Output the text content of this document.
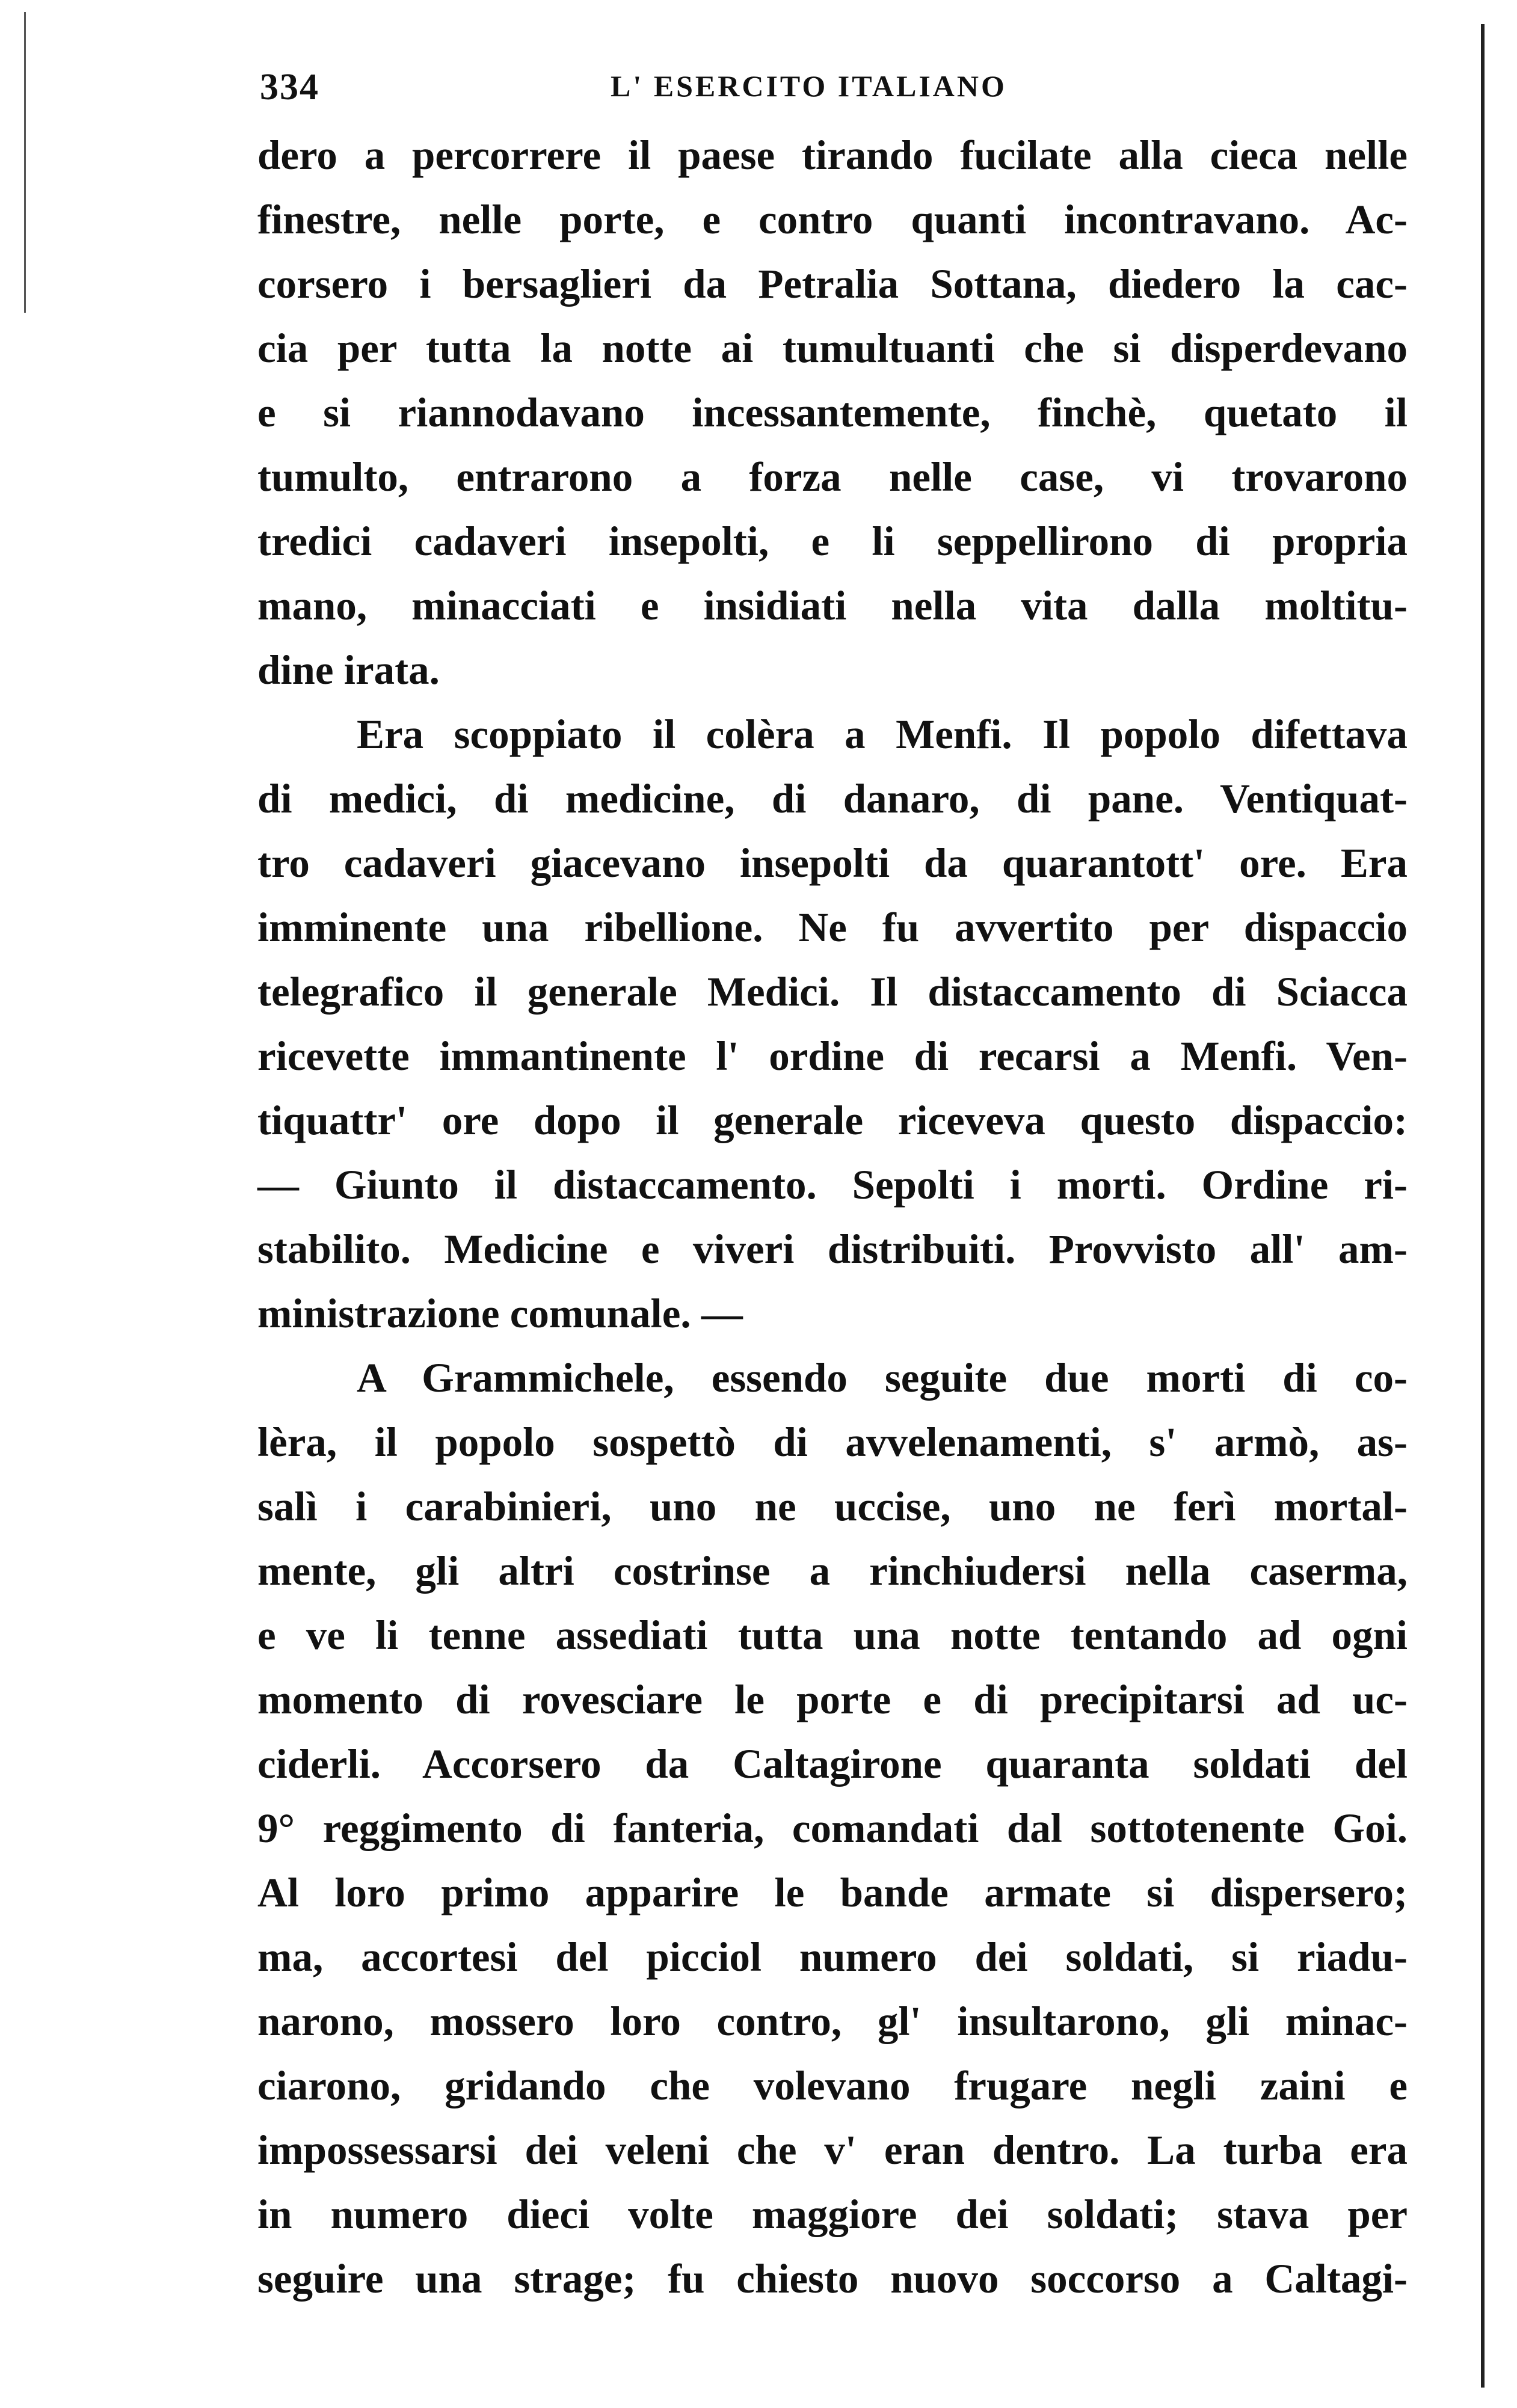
334	L' ESERCITO ITALIANO
dero a percorrere il paese tirando fucilate alla cieca nelle
finestre, nelle porte, e contro quanti incontravano. Ac-
corsero i bersaglieri da Petralia Sottana, diedero la cac-
cia per tutta la notte ai tumultuanti che si disperdevano
e si riannodavano incessantemente, finchè, quetato il
tumulto, entrarono a forza nelle case, vi trovarono
tredici cadaveri insepolti, e li seppellirono di propria
mano, minacciati e insidiati nella vita dalla moltitu-
dine irata.
Era scoppiato il colèra a Menfi. Il popolo difettava
di medici, di medicine, di danaro, di pane. Ventiquat-
tro cadaveri giacevano insepolti da quarantott' ore. Era
imminente una ribellione. Ne fu avvertito per dispaccio
telegrafico il generale Medici. Il distaccamento di Sciacca
ricevette immantinente l' ordine di recarsi a Menfi. Ven-
tiquattr' ore dopo il generale riceveva questo dispaccio:
— Giunto il distaccamento. Sepolti i morti. Ordine ri-
stabilito. Medicine e viveri distribuiti. Provvisto all' am-
ministrazione comunale. —
A Grammichele, essendo seguite due morti di co-
lèra, il popolo sospettò di avvelenamenti, s' armò, as-
salì i carabinieri, uno ne uccise, uno ne ferì mortal-
mente, gli altri costrinse a rinchiudersi nella caserma,
e ve li tenne assediati tutta una notte tentando ad ogni
momento di rovesciare le porte e di precipitarsi ad uc-
ciderli. Accorsero da Caltagirone quaranta soldati del
9° reggimento di fanteria, comandati dal sottotenente Goi.
Al loro primo apparire le bande armate si dispersero;
ma, accortesi del picciol numero dei soldati, si riadu-
narono, mossero loro contro, gl' insultarono, gli minac-
ciarono, gridando che volevano frugare negli zaini e
impossessarsi dei veleni che v' eran dentro. La turba era
in numero dieci volte maggiore dei soldati; stava per
seguire una strage; fu chiesto nuovo soccorso a Caltagi-
